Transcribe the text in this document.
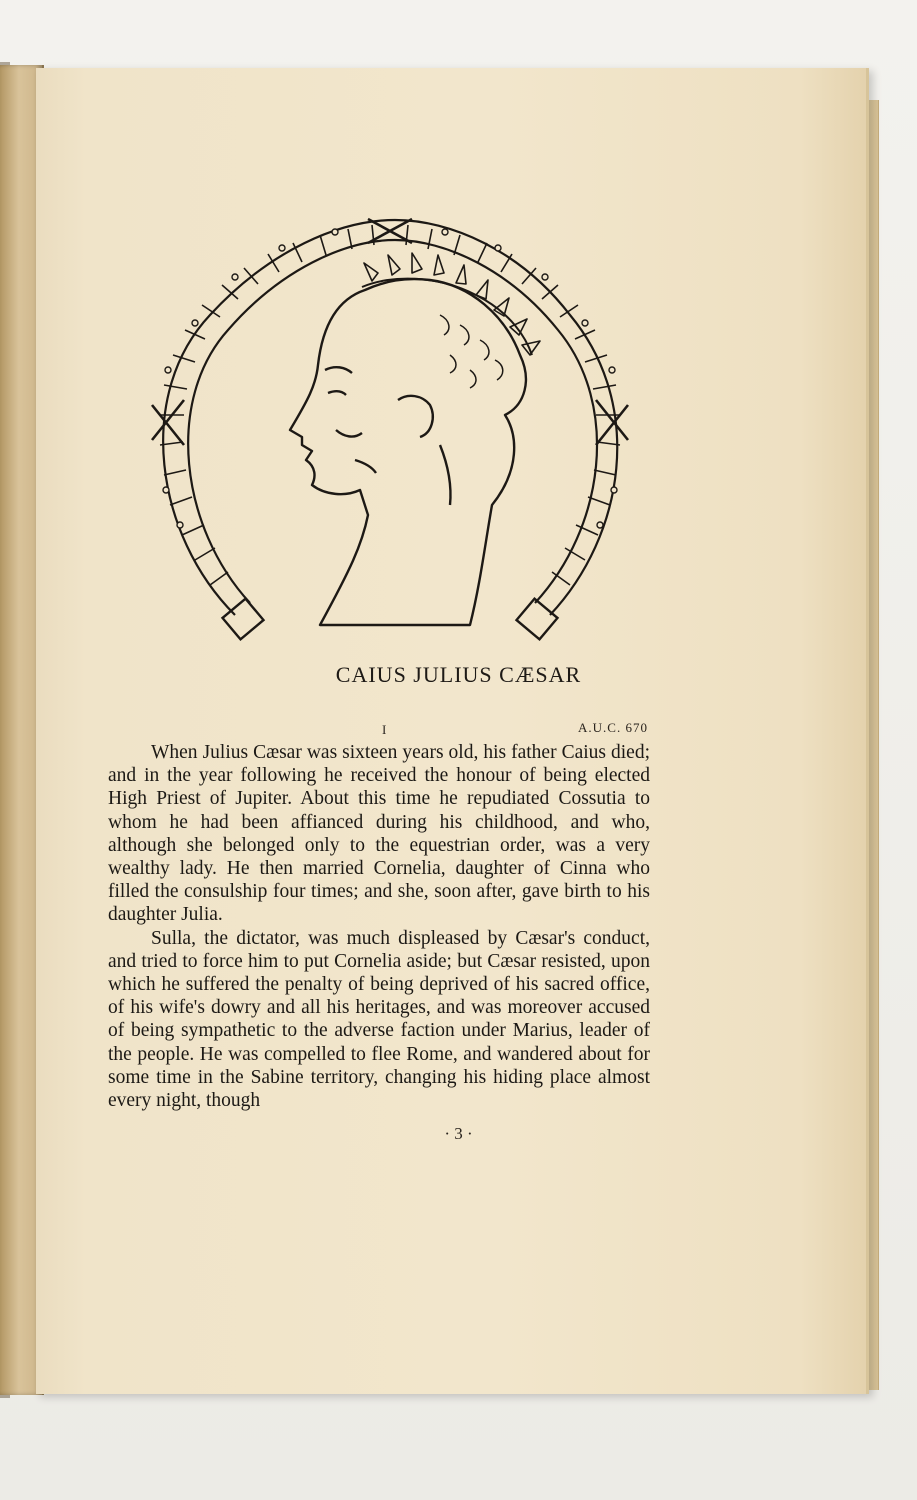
CAIUS JULIUS CÆSAR
I	A.U.C. 670

When Julius Cæsar was sixteen years old, his father Caius died; and in the year following he received the honour of being elected High Priest of Jupiter. About this time he repudiated Cossutia to whom he had been affianced during his childhood, and who, although she belonged only to the equestrian order, was a very wealthy lady. He then married Cornelia, daughter of Cinna who filled the consulship four times; and she, soon after, gave birth to his daughter Julia.

Sulla, the dictator, was much displeased by Cæsar's conduct, and tried to force him to put Cornelia aside; but Cæsar resisted, upon which he suffered the penalty of being deprived of his sacred office, of his wife's dowry and all his heritages, and was moreover accused of being sympathetic to the adverse faction under Marius, leader of the people. He was compelled to flee Rome, and wandered about for some time in the Sabine territory, changing his hiding place almost every night, though

· 3 ·
